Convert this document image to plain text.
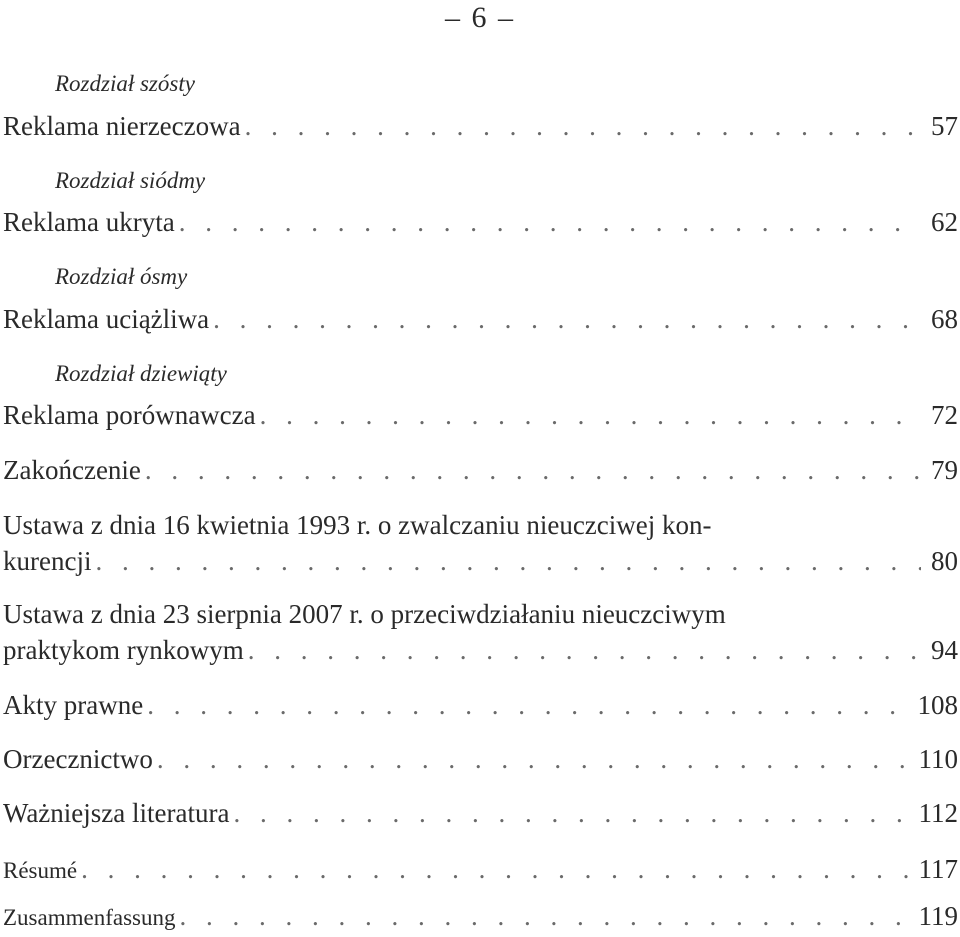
– 6 –
Rozdział szósty
Reklama nierzeczowa . . .	57
Rozdział siódmy
Reklama ukryta . . .	62
Rozdział ósmy
Reklama uciążliwa . . .	68
Rozdział dziewiąty
Reklama porównawcza . . .	72
Zakończenie . . .	79
Ustawa z dnia 16 kwietnia 1993 r. o zwalczaniu nieuczciwej kon-
kurencji . . .	80
Ustawa z dnia 23 sierpnia 2007 r. o przeciwdziałaniu nieuczciwym
praktykom rynkowym . . .	94
Akty prawne . . .	108
Orzecznictwo . . .	110
Ważniejsza literatura . . .	112
Résumé . . .	117
Zusammenfassung . . .	119
